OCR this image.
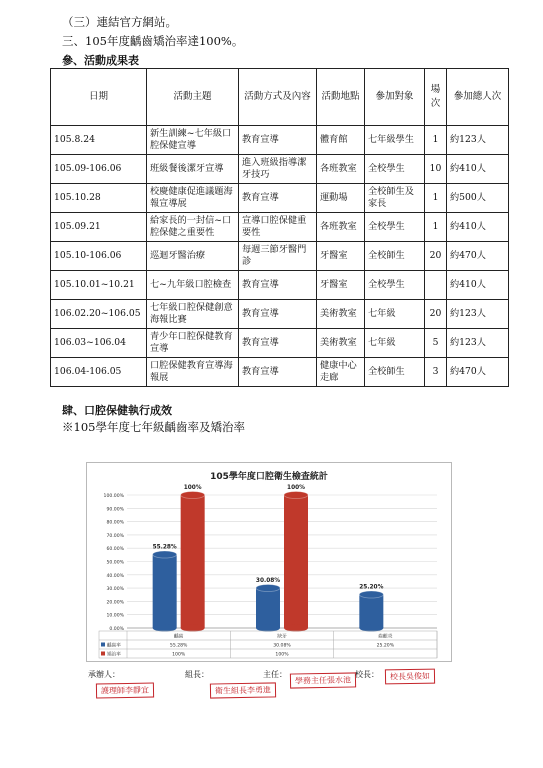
（三）連結官方網站。
三、105年度齲齒矯治率達100%。
參、活動成果表
日期	活動主題	活動方式及內容	活動地點	參加對象	場次	參加總人次
105.8.24	新生訓練~七年級口腔保健宣導	教育宣導	體育館	七年級學生	1	約123人
105.09-106.06	班級餐後潔牙宣導	進入班級指導潔牙技巧	各班教室	全校學生	10	約410人
105.10.28	校慶健康促進議題海報宣導展	教育宣導	運動場	全校師生及家長	1	約500人
105.09.21	給家長的一封信~口腔保健之重要性	宣導口腔保健重要性	各班教室	全校學生	1	約410人
105.10-106.06	巡迴牙醫治療	每週三節牙醫門診	牙醫室	全校師生	20	約470人
105.10.01~10.21	七~九年級口腔檢查	教育宣導	牙醫室	全校學生		約410人
106.02.20~106.05	七年級口腔保健創意海報比賽	教育宣導	美術教室	七年級	20	約123人
106.03~106.04	青少年口腔保健教育宣導	教育宣導	美術教室	七年級	5	約123人
106.04-106.05	口腔保健教育宣導海報展	教育宣導	健康中心走廊	全校師生	3	約470人
肆、口腔保健執行成效
※105學年度七年級齲齒率及矯治率
105學年度口腔衛生檢查統計
0.00%
10.00%
20.00%
30.00%
40.00%
50.00%
60.00%
70.00%
80.00%
90.00%
100.00%
55.28%
30.08%
25.20%
100%	100%
齲齒	缺牙	齒齦炎
齲齒率	55.28%	30.08%	25.20%
矯治率	100%	100%
承辦人：
護理師李靜宜
組長：
衛生組長李勇進
主任：
學務主任張水池
校長：	校長吳俊如
